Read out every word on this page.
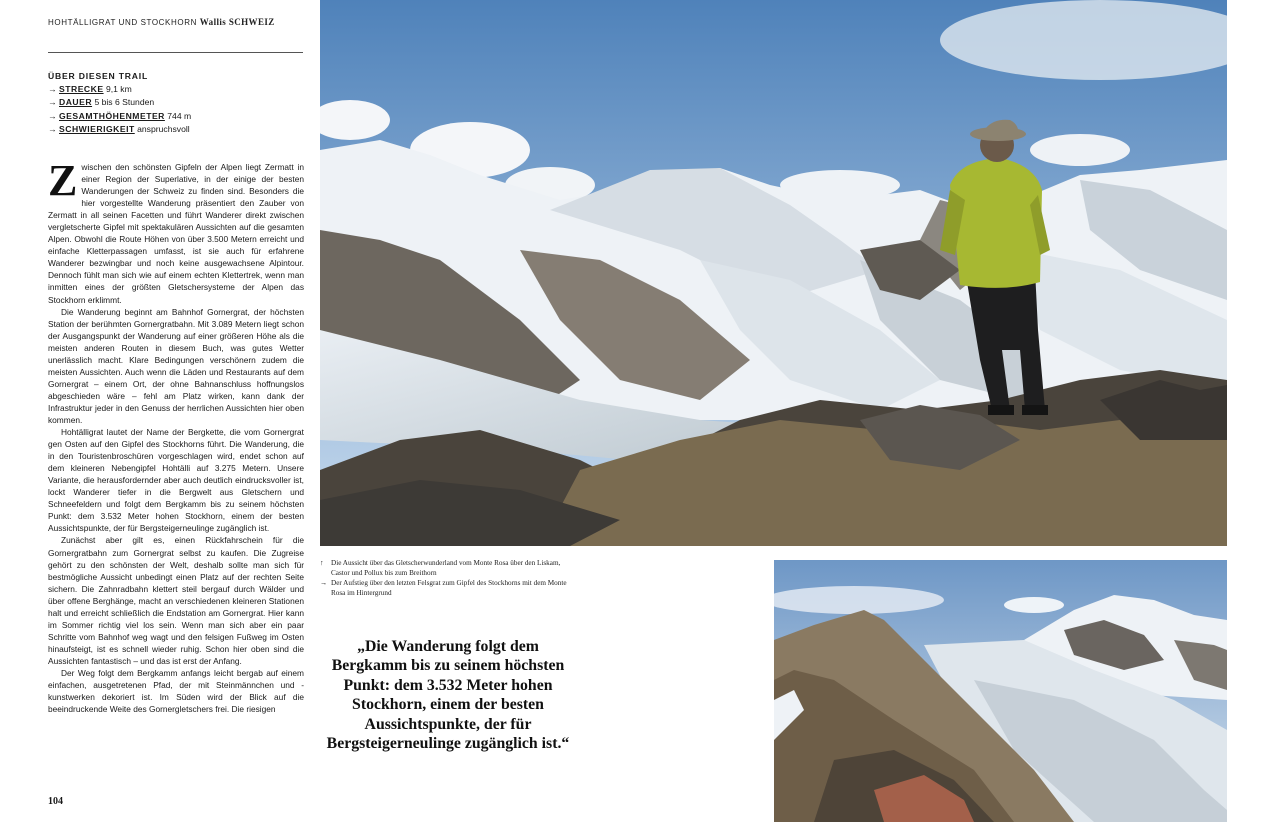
HOHTÄLLIGRAT UND STOCKHORN Wallis SCHWEIZ
ÜBER DIESEN TRAIL
→ STRECKE 9,1 km
→ DAUER 5 bis 6 Stunden
→ GESAMTHÖHENMETER 744 m
→ SCHWIERIGKEIT anspruchsvoll

Zwischen den schönsten Gipfeln der Alpen liegt Zermatt in einer Region der Superlative, in der einige der besten Wanderungen der Schweiz zu finden sind. Besonders die hier vorgestellte Wanderung präsentiert den Zauber von Zermatt in all seinen Facetten und führt Wanderer direkt zwischen vergletscherte Gipfel mit spektakulären Aussichten auf die gesamten Alpen. Obwohl die Route Höhen von über 3.500 Metern erreicht und einfache Kletterpassagen umfasst, ist sie auch für erfahrene Wanderer bezwingbar und noch keine ausgewachsene Alpintour. Dennoch fühlt man sich wie auf einem echten Klettertrek, wenn man inmitten eines der größten Gletschersysteme der Alpen das Stockhorn erklimmt.

Die Wanderung beginnt am Bahnhof Gornergrat, der höchsten Station der berühmten Gornergratbahn. Mit 3.089 Metern liegt schon der Ausgangspunkt der Wanderung auf einer größeren Höhe als die meisten anderen Routen in diesem Buch, was gutes Wetter unerlässlich macht. Klare Bedingungen verschönern zudem die meisten Aussichten. Auch wenn die Läden und Restaurants auf dem Gornergrat – einem Ort, der ohne Bahnanschluss hoffnungslos abgeschieden wäre – fehl am Platz wirken, kann dank der Infrastruktur jeder in den Genuss der herrlichen Aussichten hier oben kommen.

Hohtälligrat lautet der Name der Bergkette, die vom Gornergrat gen Osten auf den Gipfel des Stockhorns führt. Die Wanderung, die in den Touristenbroschüren vorgeschlagen wird, endet schon auf dem kleineren Nebengipfel Hohtälli auf 3.275 Metern. Unsere Variante, die herausfordernder aber auch deutlich eindrucksvoller ist, lockt Wanderer tiefer in die Bergwelt aus Gletschern und Schneefeldern und folgt dem Bergkamm bis zu seinem höchsten Punkt: dem 3.532 Meter hohen Stockhorn, einem der besten Aussichtspunkte, der für Bergsteigerneulinge zugänglich ist.

Zunächst aber gilt es, einen Rückfahrschein für die Gornergratbahn zum Gornergrat selbst zu kaufen. Die Zugreise gehört zu den schönsten der Welt, deshalb sollte man sich für bestmögliche Aussicht unbedingt einen Platz auf der rechten Seite sichern. Die Zahnradbahn klettert steil bergauf durch Wälder und über offene Berghänge, macht an verschiedenen kleineren Stationen halt und erreicht schließlich die Endstation am Gornergrat. Hier kann im Sommer richtig viel los sein. Wenn man sich aber ein paar Schritte vom Bahnhof weg wagt und den felsigen Fußweg im Osten hinaufsteigt, ist es schnell wieder ruhig. Schon hier oben sind die Aussichten fantastisch – und das ist erst der Anfang.

Der Weg folgt dem Bergkamm anfangs leicht bergab auf einem einfachen, ausgetretenen Pfad, der mit Steinmännchen und -kunstwerken dekoriert ist. Im Süden wird der Blick auf die beeindruckende Weite des Gornergletschers frei. Die riesigen

104
↑ Die Aussicht über das Gletscherwunderland vom Monte Rosa über den Liskam, Castor und Pollux bis zum Breithorn
→ Der Aufstieg über den letzten Felsgrat zum Gipfel des Stockhorns mit dem Monte Rosa im Hintergrund
„Die Wanderung folgt dem Bergkamm bis zu seinem höchsten Punkt: dem 3.532 Meter hohen Stockhorn, einem der besten Aussichtspunkte, der für Bergsteigerneulinge zugänglich ist.“
